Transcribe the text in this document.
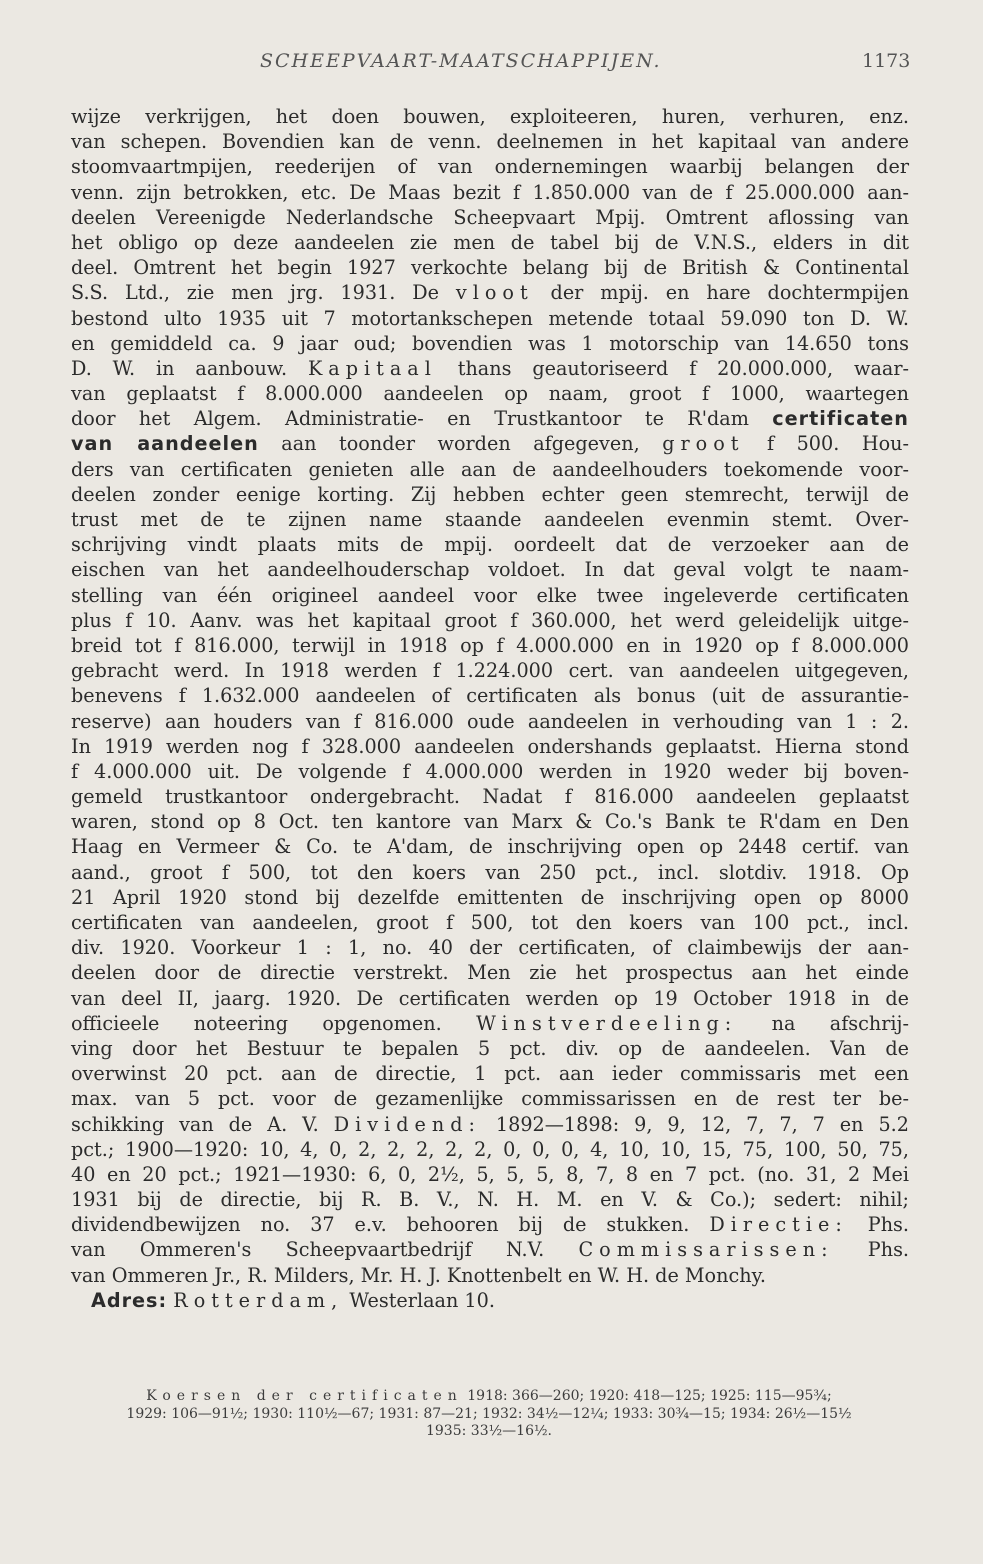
SCHEEPVAART-MAATSCHAPPIJEN.	1173
wijze verkrijgen, het doen bouwen, exploiteeren, huren, verhuren, enz.
van schepen. Bovendien kan de venn. deelnemen in het kapitaal van andere
stoomvaartmpijen, reederijen of van ondernemingen waarbij belangen der
venn. zijn betrokken, etc. De Maas bezit f 1.850.000 van de f 25.000.000 aan-
deelen Vereenigde Nederlandsche Scheepvaart Mpij. Omtrent aflossing van
het obligo op deze aandeelen zie men de tabel bij de V.N.S., elders in dit
deel. Omtrent het begin 1927 verkochte belang bij de British & Continental
S.S. Ltd., zie men jrg. 1931. De vloot der mpij. en hare dochtermpijen
bestond ulto 1935 uit 7 motortankschepen metende totaal 59.090 ton D. W.
en gemiddeld ca. 9 jaar oud; bovendien was 1 motorschip van 14.650 tons
D. W. in aanbouw. Kapitaal thans geautoriseerd f 20.000.000, waar-
van geplaatst f 8.000.000 aandeelen op naam, groot f 1000, waartegen
door het Algem. Administratie- en Trustkantoor te R'dam certificaten
van aandeelen aan toonder worden afgegeven, groot f 500. Hou-
ders van certificaten genieten alle aan de aandeelhouders toekomende voor-
deelen zonder eenige korting. Zij hebben echter geen stemrecht, terwijl de
trust met de te zijnen name staande aandeelen evenmin stemt. Over-
schrijving vindt plaats mits de mpij. oordeelt dat de verzoeker aan de
eischen van het aandeelhouderschap voldoet. In dat geval volgt te naam-
stelling van één origineel aandeel voor elke twee ingeleverde certificaten
plus f 10. Aanv. was het kapitaal groot f 360.000, het werd geleidelijk uitge-
breid tot f 816.000, terwijl in 1918 op f 4.000.000 en in 1920 op f 8.000.000
gebracht werd. In 1918 werden f 1.224.000 cert. van aandeelen uitgegeven,
benevens f 1.632.000 aandeelen of certificaten als bonus (uit de assurantie-
reserve) aan houders van f 816.000 oude aandeelen in verhouding van 1 : 2.
In 1919 werden nog f 328.000 aandeelen ondershands geplaatst. Hierna stond
f 4.000.000 uit. De volgende f 4.000.000 werden in 1920 weder bij boven-
gemeld trustkantoor ondergebracht. Nadat f 816.000 aandeelen geplaatst
waren, stond op 8 Oct. ten kantore van Marx & Co.'s Bank te R'dam en Den
Haag en Vermeer & Co. te A'dam, de inschrijving open op 2448 certif. van
aand., groot f 500, tot den koers van 250 pct., incl. slotdiv. 1918. Op
21 April 1920 stond bij dezelfde emittenten de inschrijving open op 8000
certificaten van aandeelen, groot f 500, tot den koers van 100 pct., incl.
div. 1920. Voorkeur 1 : 1, no. 40 der certificaten, of claimbewijs der aan-
deelen door de directie verstrekt. Men zie het prospectus aan het einde
van deel II, jaarg. 1920. De certificaten werden op 19 October 1918 in de
officieele noteering opgenomen. Winstverdeeling: na afschrij-
ving door het Bestuur te bepalen 5 pct. div. op de aandeelen. Van de
overwinst 20 pct. aan de directie, 1 pct. aan ieder commissaris met een
max. van 5 pct. voor de gezamenlijke commissarissen en de rest ter be-
schikking van de A. V. Dividend: 1892—1898: 9, 9, 12, 7, 7, 7 en 5.2
pct.; 1900—1920: 10, 4, 0, 2, 2, 2, 2, 2, 0, 0, 0, 4, 10, 10, 15, 75, 100, 50, 75,
40 en 20 pct.; 1921—1930: 6, 0, 2½, 5, 5, 5, 8, 7, 8 en 7 pct. (no. 31, 2 Mei
1931 bij de directie, bij R. B. V., N. H. M. en V. & Co.); sedert: nihil;
dividendbewijzen no. 37 e.v. behooren bij de stukken. Directie: Phs.
van Ommeren's Scheepvaartbedrijf N.V. Commissarissen: Phs.
van Ommeren Jr., R. Milders, Mr. H. J. Knottenbelt en W. H. de Monchy.
Adres: Rotterdam, Westerlaan 10.
Koersen der certificaten 1918: 366—260; 1920: 418—125; 1925: 115—95¾;
1929: 106—91½; 1930: 110½—67; 1931: 87—21; 1932: 34½—12¼; 1933: 30¾—15; 1934: 26½—15½
1935: 33½—16½.
